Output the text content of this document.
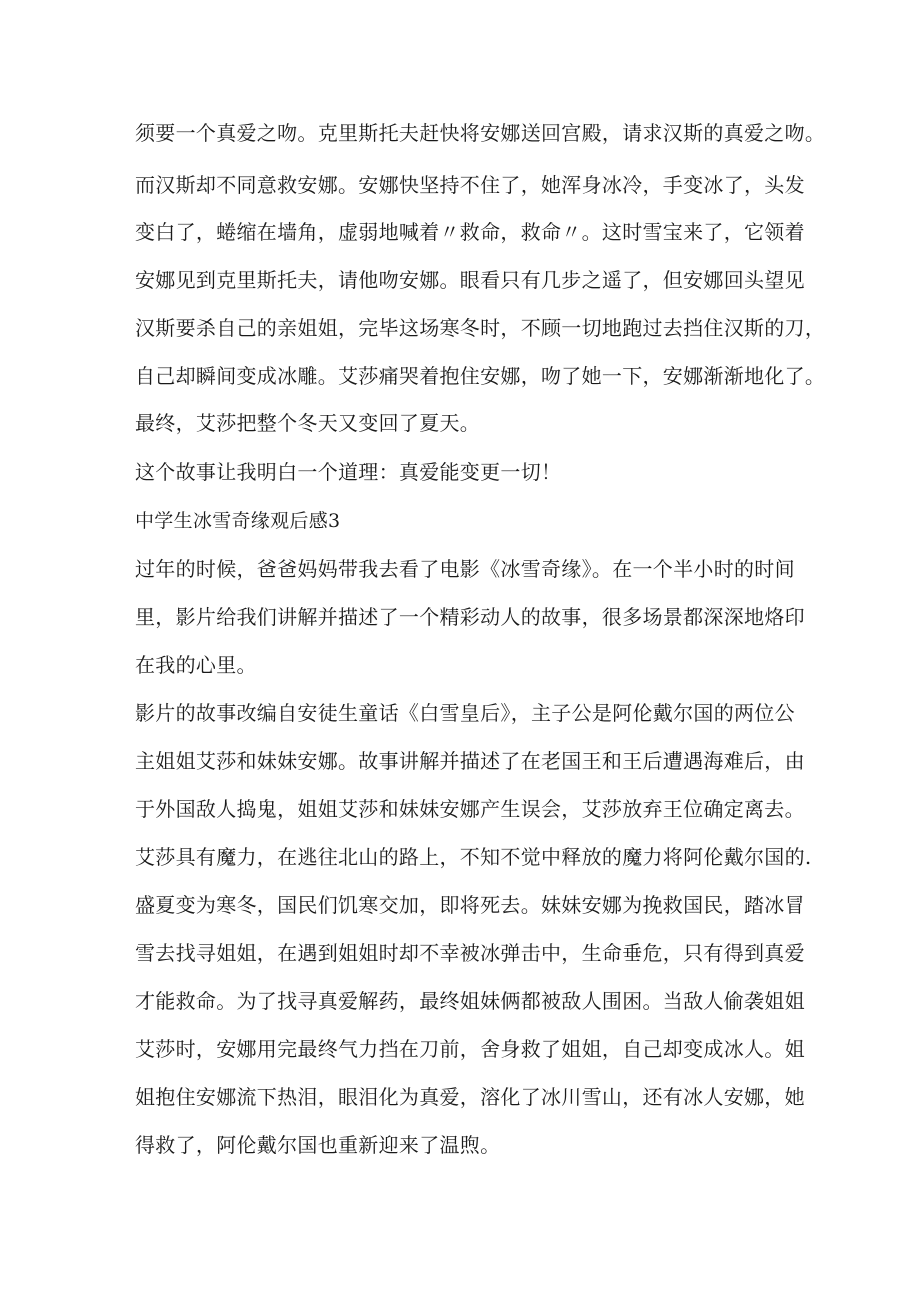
须要一个真爱之吻。克里斯托夫赶快将安娜送回宫殿，请求汉斯的真爱之吻。

而汉斯却不同意救安娜。安娜快坚持不住了，她浑身冰冷，手变冰了，头发

变白了，蜷缩在墙角，虚弱地喊着〃救命，救命〃。这时雪宝来了，它领着

安娜见到克里斯托夫，请他吻安娜。眼看只有几步之遥了，但安娜回头望见

汉斯要杀自己的亲姐姐，完毕这场寒冬时，不顾一切地跑过去挡住汉斯的刀，

自己却瞬间变成冰雕。艾莎痛哭着抱住安娜，吻了她一下，安娜渐渐地化了。

最终，艾莎把整个冬天又变回了夏天。

这个故事让我明白一个道理：真爱能变更一切！

中学生冰雪奇缘观后感3

过年的时候，爸爸妈妈带我去看了电影《冰雪奇缘》。在一个半小时的时间

里，影片给我们讲解并描述了一个精彩动人的故事，很多场景都深深地烙印

在我的心里。

影片的故事改编自安徒生童话《白雪皇后》，主子公是阿伦戴尔国的两位公

主姐姐艾莎和妹妹安娜。故事讲解并描述了在老国王和王后遭遇海难后，由

于外国敌人捣鬼，姐姐艾莎和妹妹安娜产生误会，艾莎放弃王位确定离去。

艾莎具有魔力，在逃往北山的路上，不知不觉中释放的魔力将阿伦戴尔国的.

盛夏变为寒冬，国民们饥寒交加，即将死去。妹妹安娜为挽救国民，踏冰冒

雪去找寻姐姐，在遇到姐姐时却不幸被冰弹击中，生命垂危，只有得到真爱

才能救命。为了找寻真爱解药，最终姐妹俩都被敌人围困。当敌人偷袭姐姐

艾莎时，安娜用完最终气力挡在刀前，舍身救了姐姐，自己却变成冰人。姐

姐抱住安娜流下热泪，眼泪化为真爱，溶化了冰川雪山，还有冰人安娜，她

得救了，阿伦戴尔国也重新迎来了温煦。
